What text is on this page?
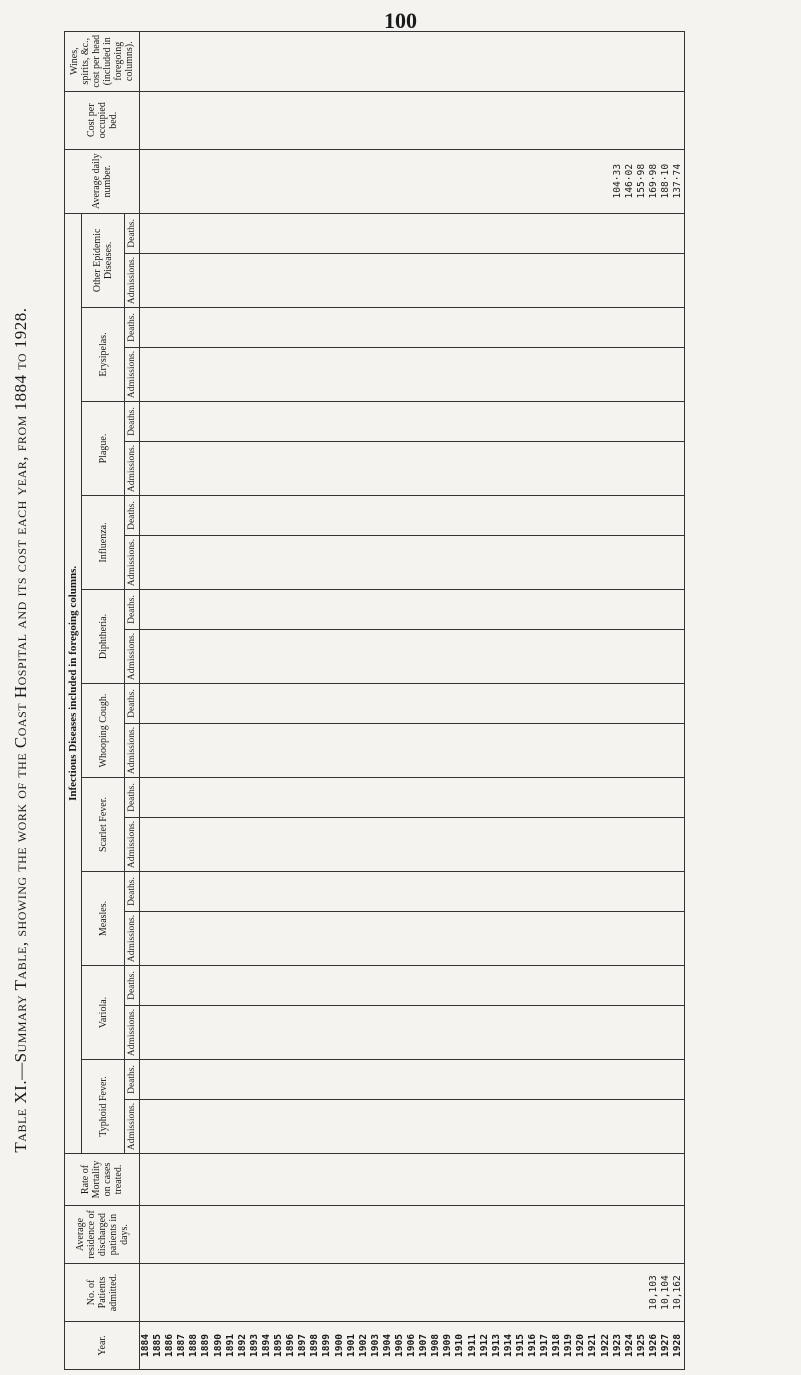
100
Table XI.—Summary Table, showing the work of the Coast Hospital and its cost each year, from 1884 to 1928.
Year.	No. of Patients admitted.	Average residence of discharged patients in days.	Rate of Mortality on cases treated.	Infectious Diseases included in foregoing columns.																				Average daily number.	Cost per occupied bed.	Wines, spirits, &c., cost per head (included in foregoing columns).
				Typhoid Fever.		Variola.		Measles.		Scarlet Fever.		Whooping Cough.		Diphtheria.		Influenza.		Plague.		Erysipelas.		Other Epidemic Diseases.				
				Admissions.	Deaths.	Admissions.	Deaths.	Admissions.	Deaths.	Admissions.	Deaths.	Admissions.	Deaths.	Admissions.	Deaths.	Admissions.	Deaths.	Admissions.	Deaths.	Admissions.	Deaths.	Admissions.	Deaths.			
1884																										
1885																										
1886																										
1887																										
1888																										
1889																										
1890																										
1891																										
1892																										
1893																										
1894																										
1895																										
1896																										
1897																										
1898																										
1899																										
1900																										
1901																										
1902																										
1903																										
1904																										
1905																										
1906																										
1907																										
1908																										
1909																										
1910																										
1911																										
1912																										
1913																										
1914																										
1915																										
1916																										
1917																										
1918																										
1919																										
1920																										
1921																										
1922																										
1923																								104·33		
1924																								146·02		
1925																								155·98		
1926	10,103																							169·98		
1927	10,104																							188·10		
1928	10,162																							137·74		
